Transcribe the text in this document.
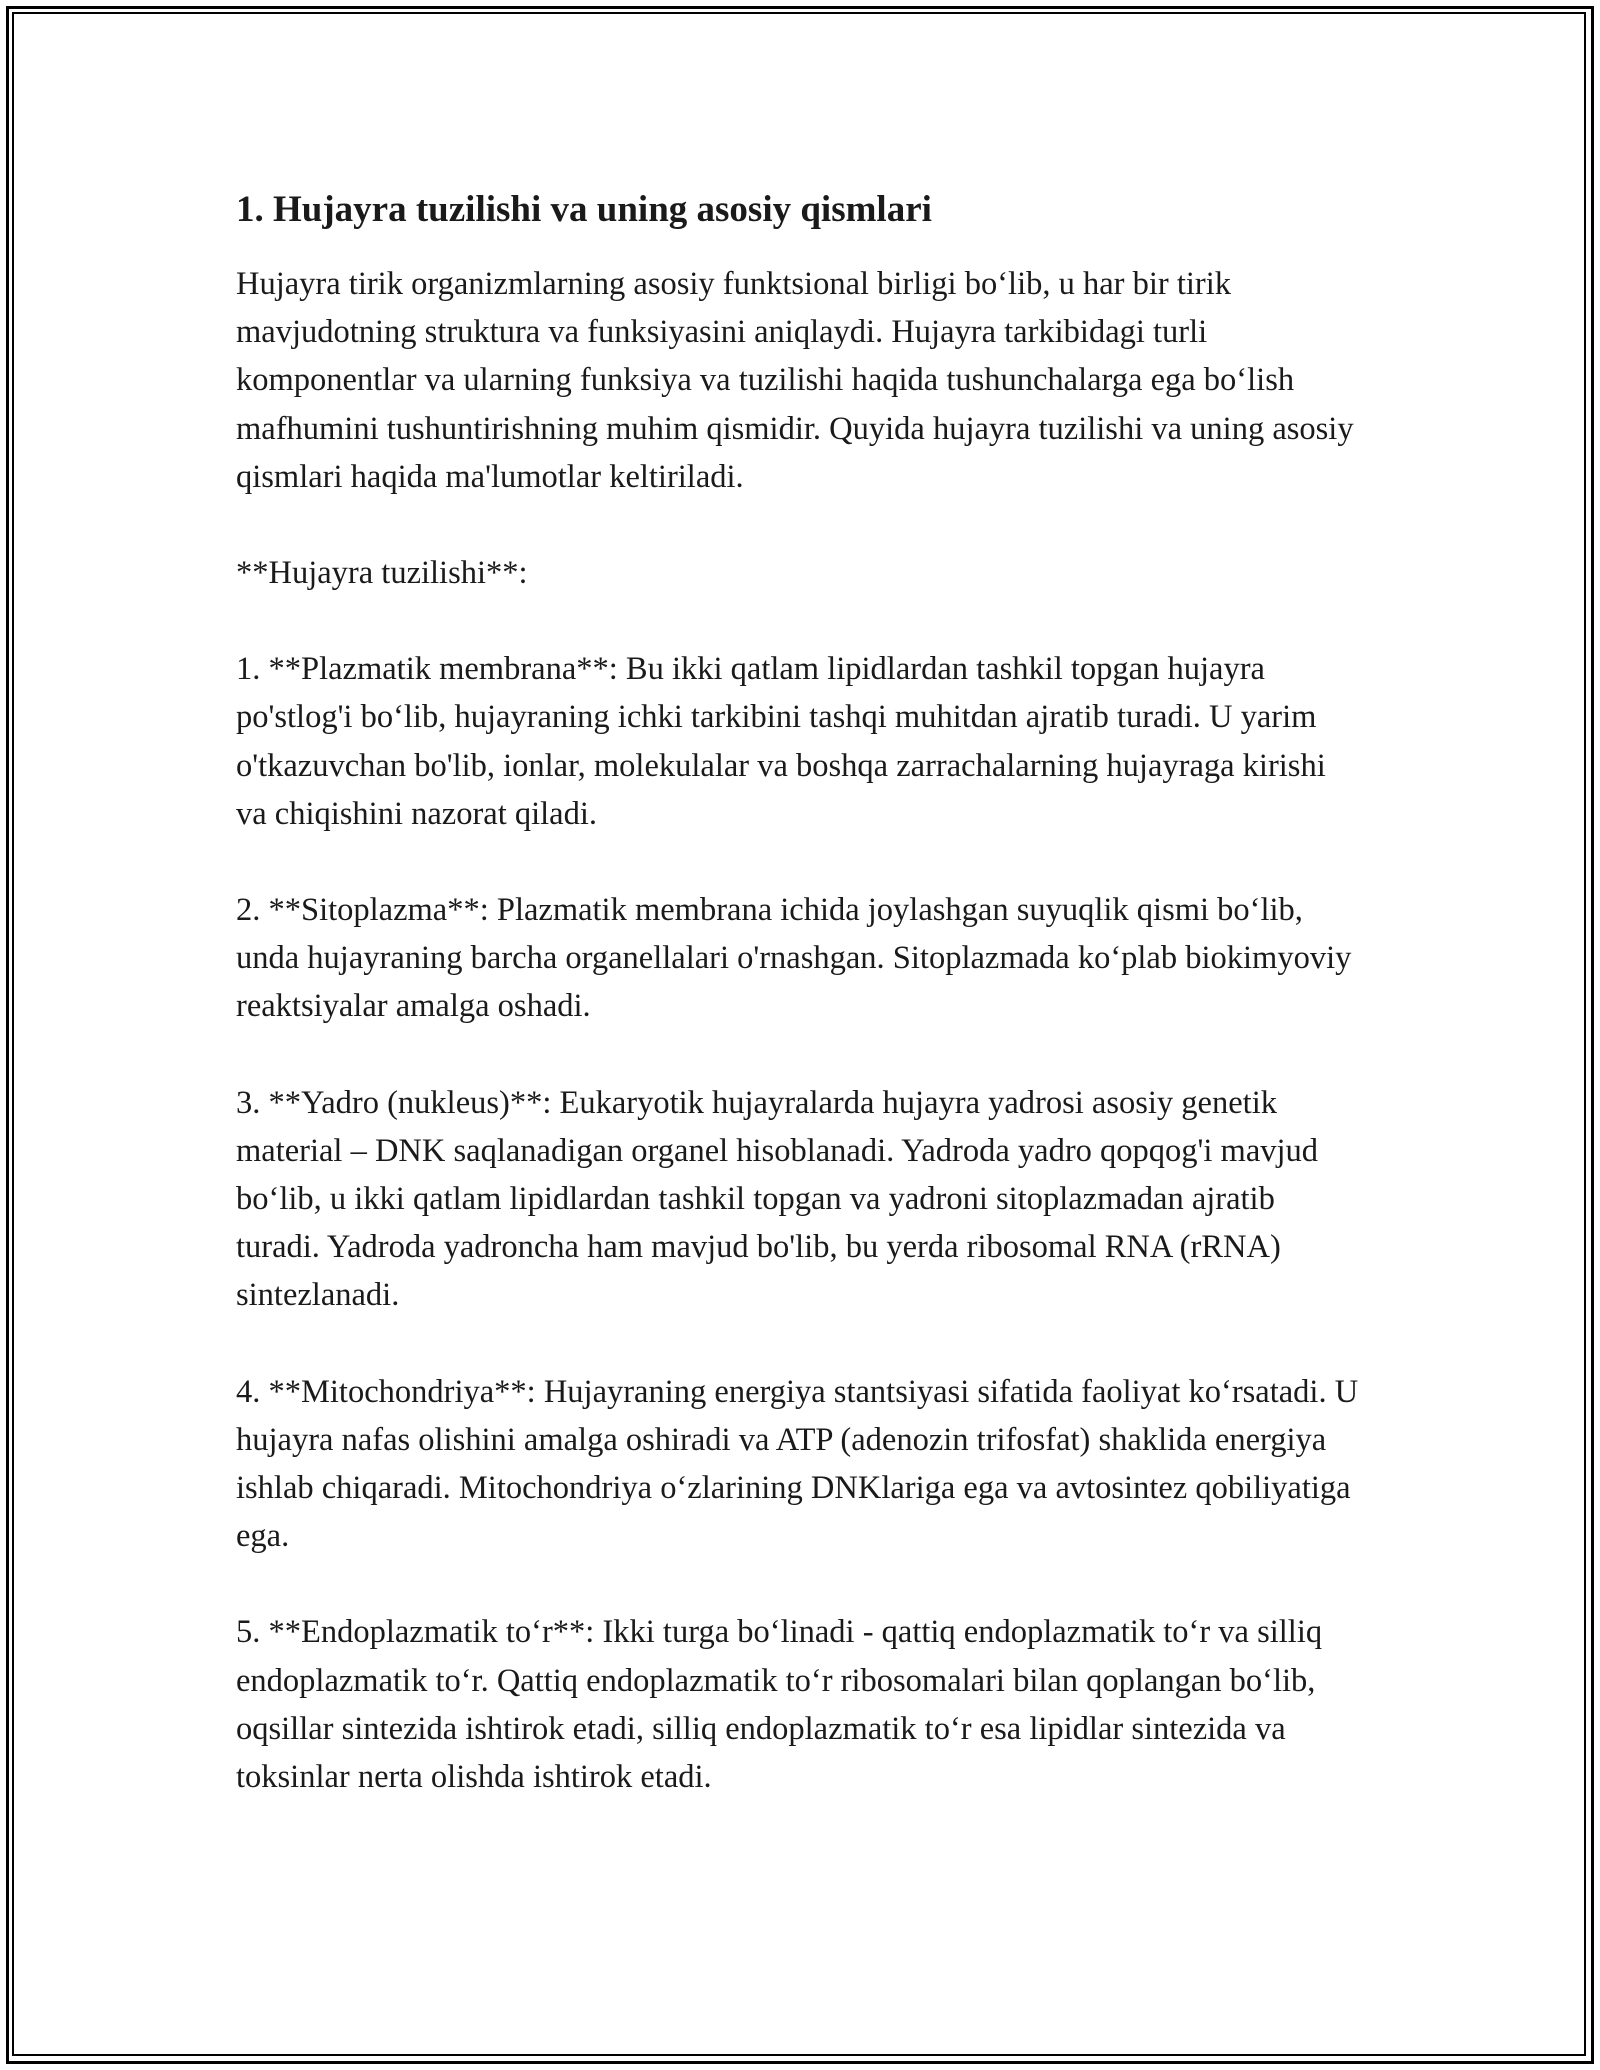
1. Hujayra tuzilishi va uning asosiy qismlari

Hujayra tirik organizmlarning asosiy funktsional birligi bo‘lib, u har bir tirik mavjudotning struktura va funksiyasini aniqlaydi. Hujayra tarkibidagi turli komponentlar va ularning funksiya va tuzilishi haqida tushunchalarga ega bo‘lish mafhumini tushuntirishning muhim qismidir. Quyida hujayra tuzilishi va uning asosiy qismlari haqida ma'lumotlar keltiriladi.

**Hujayra tuzilishi**:

1. **Plazmatik membrana**: Bu ikki qatlam lipidlardan tashkil topgan hujayra po'stlog'i bo‘lib, hujayraning ichki tarkibini tashqi muhitdan ajratib turadi. U yarim o'tkazuvchan bo'lib, ionlar, molekulalar va boshqa zarrachalarning hujayraga kirishi va chiqishini nazorat qiladi.

2. **Sitoplazma**: Plazmatik membrana ichida joylashgan suyuqlik qismi bo‘lib, unda hujayraning barcha organellalari o'rnashgan. Sitoplazmada ko‘plab biokimyoviy reaktsiyalar amalga oshadi.

3. **Yadro (nukleus)**: Eukaryotik hujayralarda hujayra yadrosi asosiy genetik material – DNK saqlanadigan organel hisoblanadi. Yadroda yadro qopqog'i mavjud bo‘lib, u ikki qatlam lipidlardan tashkil topgan va yadroni sitoplazmadan ajratib turadi. Yadroda yadroncha ham mavjud bo'lib, bu yerda ribosomal RNA (rRNA) sintezlanadi.

4. **Mitochondriya**: Hujayraning energiya stantsiyasi sifatida faoliyat ko‘rsatadi. U hujayra nafas olishini amalga oshiradi va ATP (adenozin trifosfat) shaklida energiya ishlab chiqaradi. Mitochondriya o‘zlarining DNKlariga ega va avtosintez qobiliyatiga ega.

5. **Endoplazmatik to‘r**: Ikki turga bo‘linadi - qattiq endoplazmatik to‘r va silliq endoplazmatik to‘r. Qattiq endoplazmatik to‘r ribosomalari bilan qoplangan bo‘lib, oqsillar sintezida ishtirok etadi, silliq endoplazmatik to‘r esa lipidlar sintezida va toksinlar nerta olishda ishtirok etadi.
